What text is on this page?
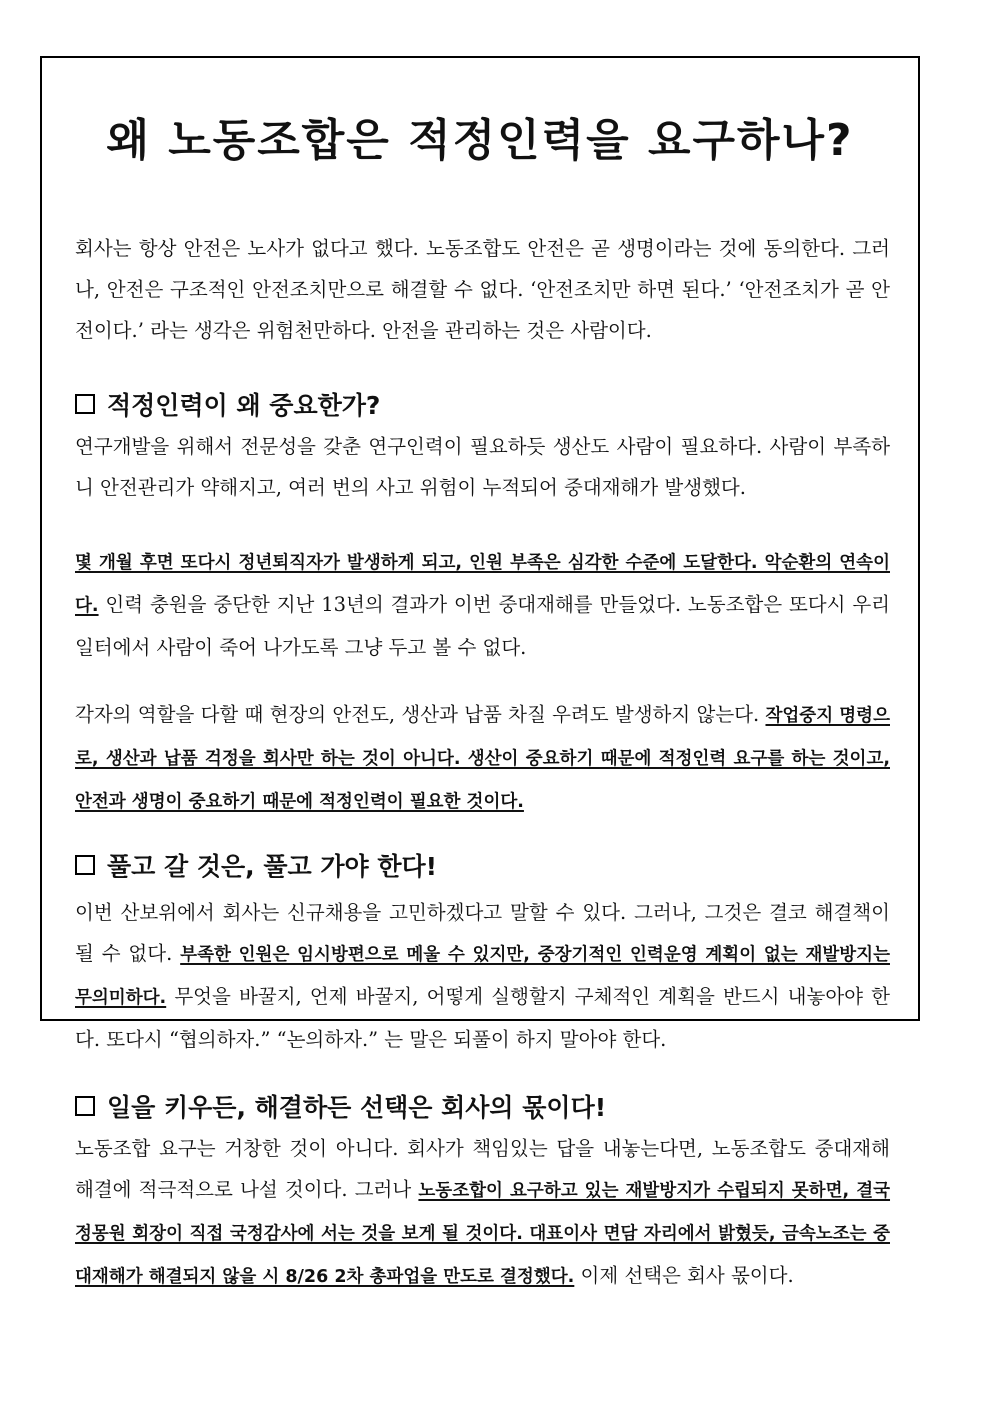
왜 노동조합은 적정인력을 요구하나?

회사는 항상 안전은 노사가 없다고 했다. 노동조합도 안전은 곧 생명이라는 것에 동의한다. 그러나, 안전은 구조적인 안전조치만으로 해결할 수 없다. ‘안전조치만 하면 된다.’ ‘안전조치가 곧 안전이다.’ 라는 생각은 위험천만하다. 안전을 관리하는 것은 사람이다.

적정인력이 왜 중요한가?

연구개발을 위해서 전문성을 갖춘 연구인력이 필요하듯 생산도 사람이 필요하다. 사람이 부족하니 안전관리가 약해지고, 여러 번의 사고 위험이 누적되어 중대재해가 발생했다.

몇 개월 후면 또다시 정년퇴직자가 발생하게 되고, 인원 부족은 심각한 수준에 도달한다. 악순환의 연속이다. 인력 충원을 중단한 지난 13년의 결과가 이번 중대재해를 만들었다. 노동조합은 또다시 우리 일터에서 사람이 죽어 나가도록 그냥 두고 볼 수 없다.

각자의 역할을 다할 때 현장의 안전도, 생산과 납품 차질 우려도 발생하지 않는다. 작업중지 명령으로, 생산과 납품 걱정을 회사만 하는 것이 아니다. 생산이 중요하기 때문에 적정인력 요구를 하는 것이고, 안전과 생명이 중요하기 때문에 적정인력이 필요한 것이다.

풀고 갈 것은, 풀고 가야 한다!

이번 산보위에서 회사는 신규채용을 고민하겠다고 말할 수 있다. 그러나, 그것은 결코 해결책이 될 수 없다. 부족한 인원은 임시방편으로 메울 수 있지만, 중장기적인 인력운영 계획이 없는 재발방지는 무의미하다. 무엇을 바꿀지, 언제 바꿀지, 어떻게 실행할지 구체적인 계획을 반드시 내놓아야 한다. 또다시 “협의하자.” “논의하자.” 는 말은 되풀이 하지 말아야 한다.

일을 키우든, 해결하든 선택은 회사의 몫이다!

노동조합 요구는 거창한 것이 아니다. 회사가 책임있는 답을 내놓는다면, 노동조합도 중대재해 해결에 적극적으로 나설 것이다. 그러나 노동조합이 요구하고 있는 재발방지가 수립되지 못하면, 결국 정몽원 회장이 직접 국정감사에 서는 것을 보게 될 것이다. 대표이사 면담 자리에서 밝혔듯, 금속노조는 중대재해가 해결되지 않을 시 8/26 2차 총파업을 만도로 결정했다. 이제 선택은 회사 몫이다.
